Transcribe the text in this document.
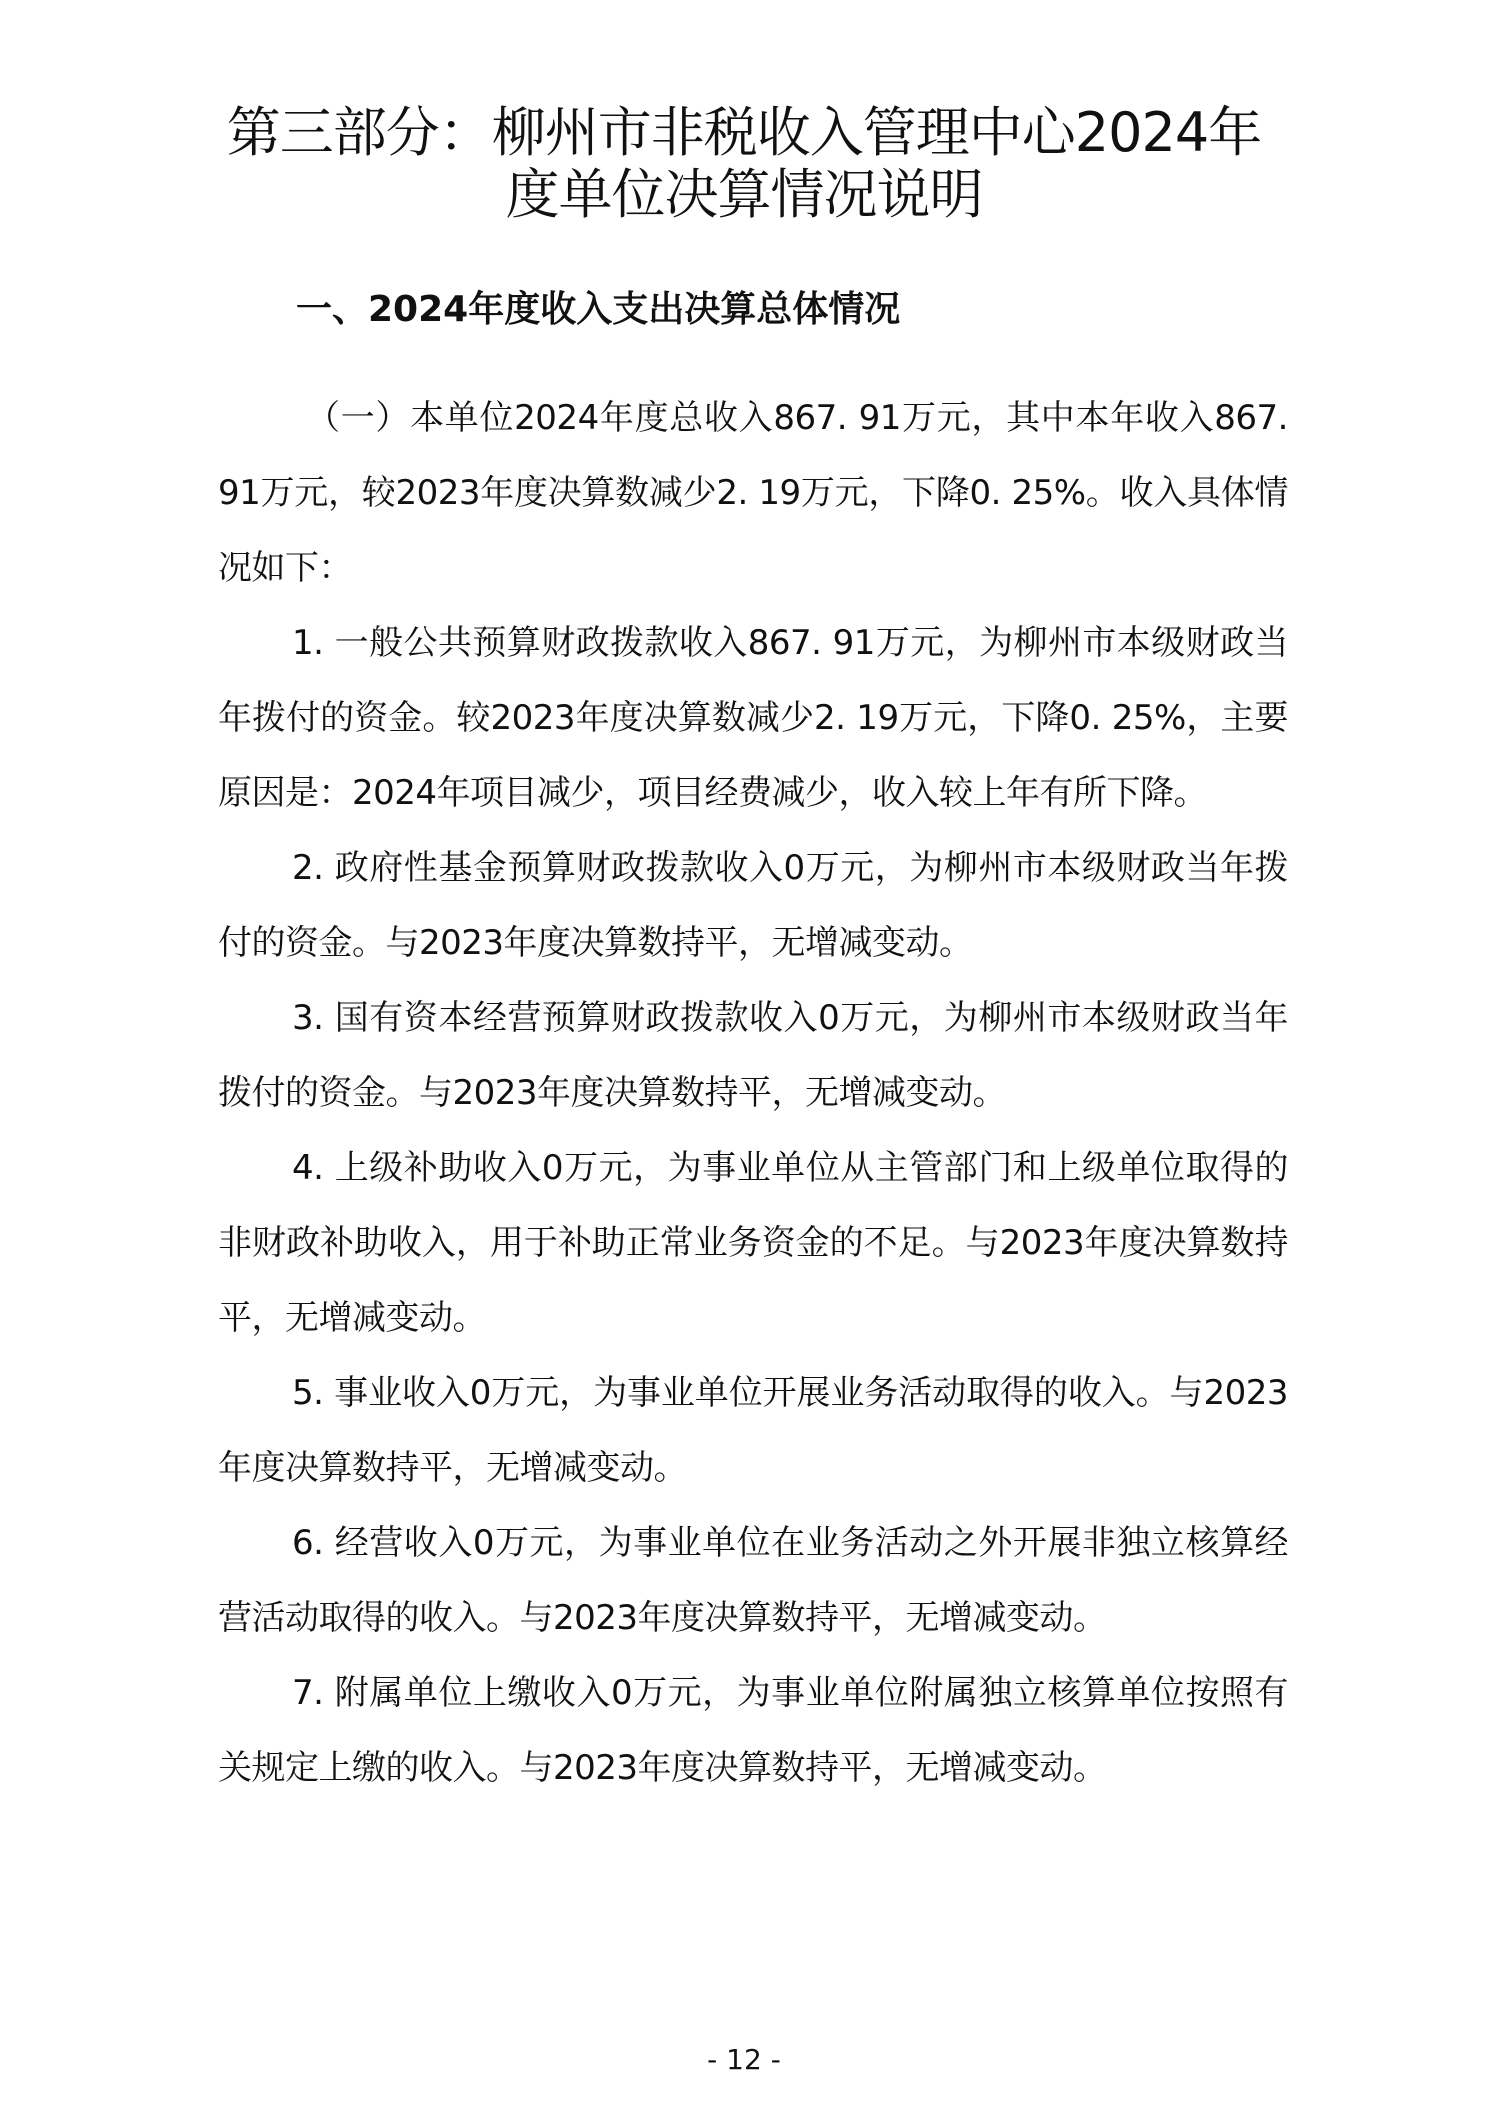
第三部分：柳州市非税收入管理中心2024年
度单位决算情况说明
一、2024年度收入支出决算总体情况

（一）本单位2024年度总收入867. 91万元，其中本年收入867. 91万元，较2023年度决算数减少2. 19万元，下降0. 25%。收入具体情况如下：

1. 一般公共预算财政拨款收入867. 91万元，为柳州市本级财政当年拨付的资金。较2023年度决算数减少2. 19万元，下降0. 25%，主要原因是：2024年项目减少，项目经费减少，收入较上年有所下降。

2. 政府性基金预算财政拨款收入0万元，为柳州市本级财政当年拨付的资金。与2023年度决算数持平，无增减变动。

3. 国有资本经营预算财政拨款收入0万元，为柳州市本级财政当年拨付的资金。与2023年度决算数持平，无增减变动。

4. 上级补助收入0万元，为事业单位从主管部门和上级单位取得的非财政补助收入，用于补助正常业务资金的不足。与2023年度决算数持平，无增减变动。

5. 事业收入0万元，为事业单位开展业务活动取得的收入。与2023年度决算数持平，无增减变动。

6. 经营收入0万元，为事业单位在业务活动之外开展非独立核算经营活动取得的收入。与2023年度决算数持平，无增减变动。

7. 附属单位上缴收入0万元，为事业单位附属独立核算单位按照有关规定上缴的收入。与2023年度决算数持平，无增减变动。

- 12 -
